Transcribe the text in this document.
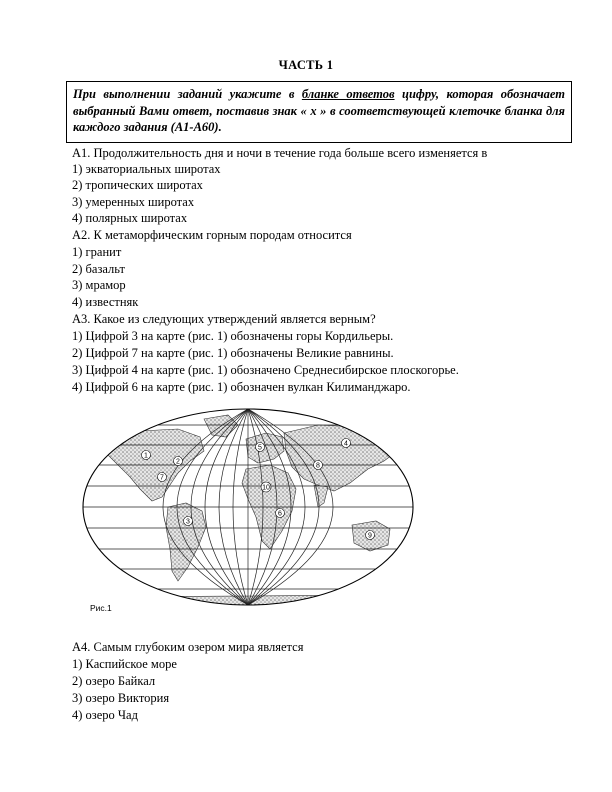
ЧАСТЬ 1
При выполнении заданий укажите в бланке ответов цифру, которая обозначает выбранный Вами ответ, поставив знак « x » в соответствующей клеточке бланка для каждого задания (А1-А60).
А1. Продолжительность дня и ночи в течение года больше всего изменяется в
1) экваториальных широтах
2) тропических широтах
3) умеренных широтах
4) полярных широтах
А2. К метаморфическим горным породам относится
1) гранит
2) базальт
3) мрамор
4) известняк
А3. Какое из следующих утверждений является верным?
1) Цифрой 3 на карте (рис. 1) обозначены горы Кордильеры.
2) Цифрой 7 на карте (рис. 1) обозначены Великие равнины.
3) Цифрой 4 на карте (рис. 1) обозначено Среднесибирское плоскогорье.
4) Цифрой 6 на карте (рис. 1) обозначен вулкан Килиманджаро.
1
2
3
4
5
6
7
8
9
10
Рис.1
А4. Самым глубоким озером мира является
1) Каспийское море
2) озеро Байкал
3) озеро Виктория
4) озеро Чад
